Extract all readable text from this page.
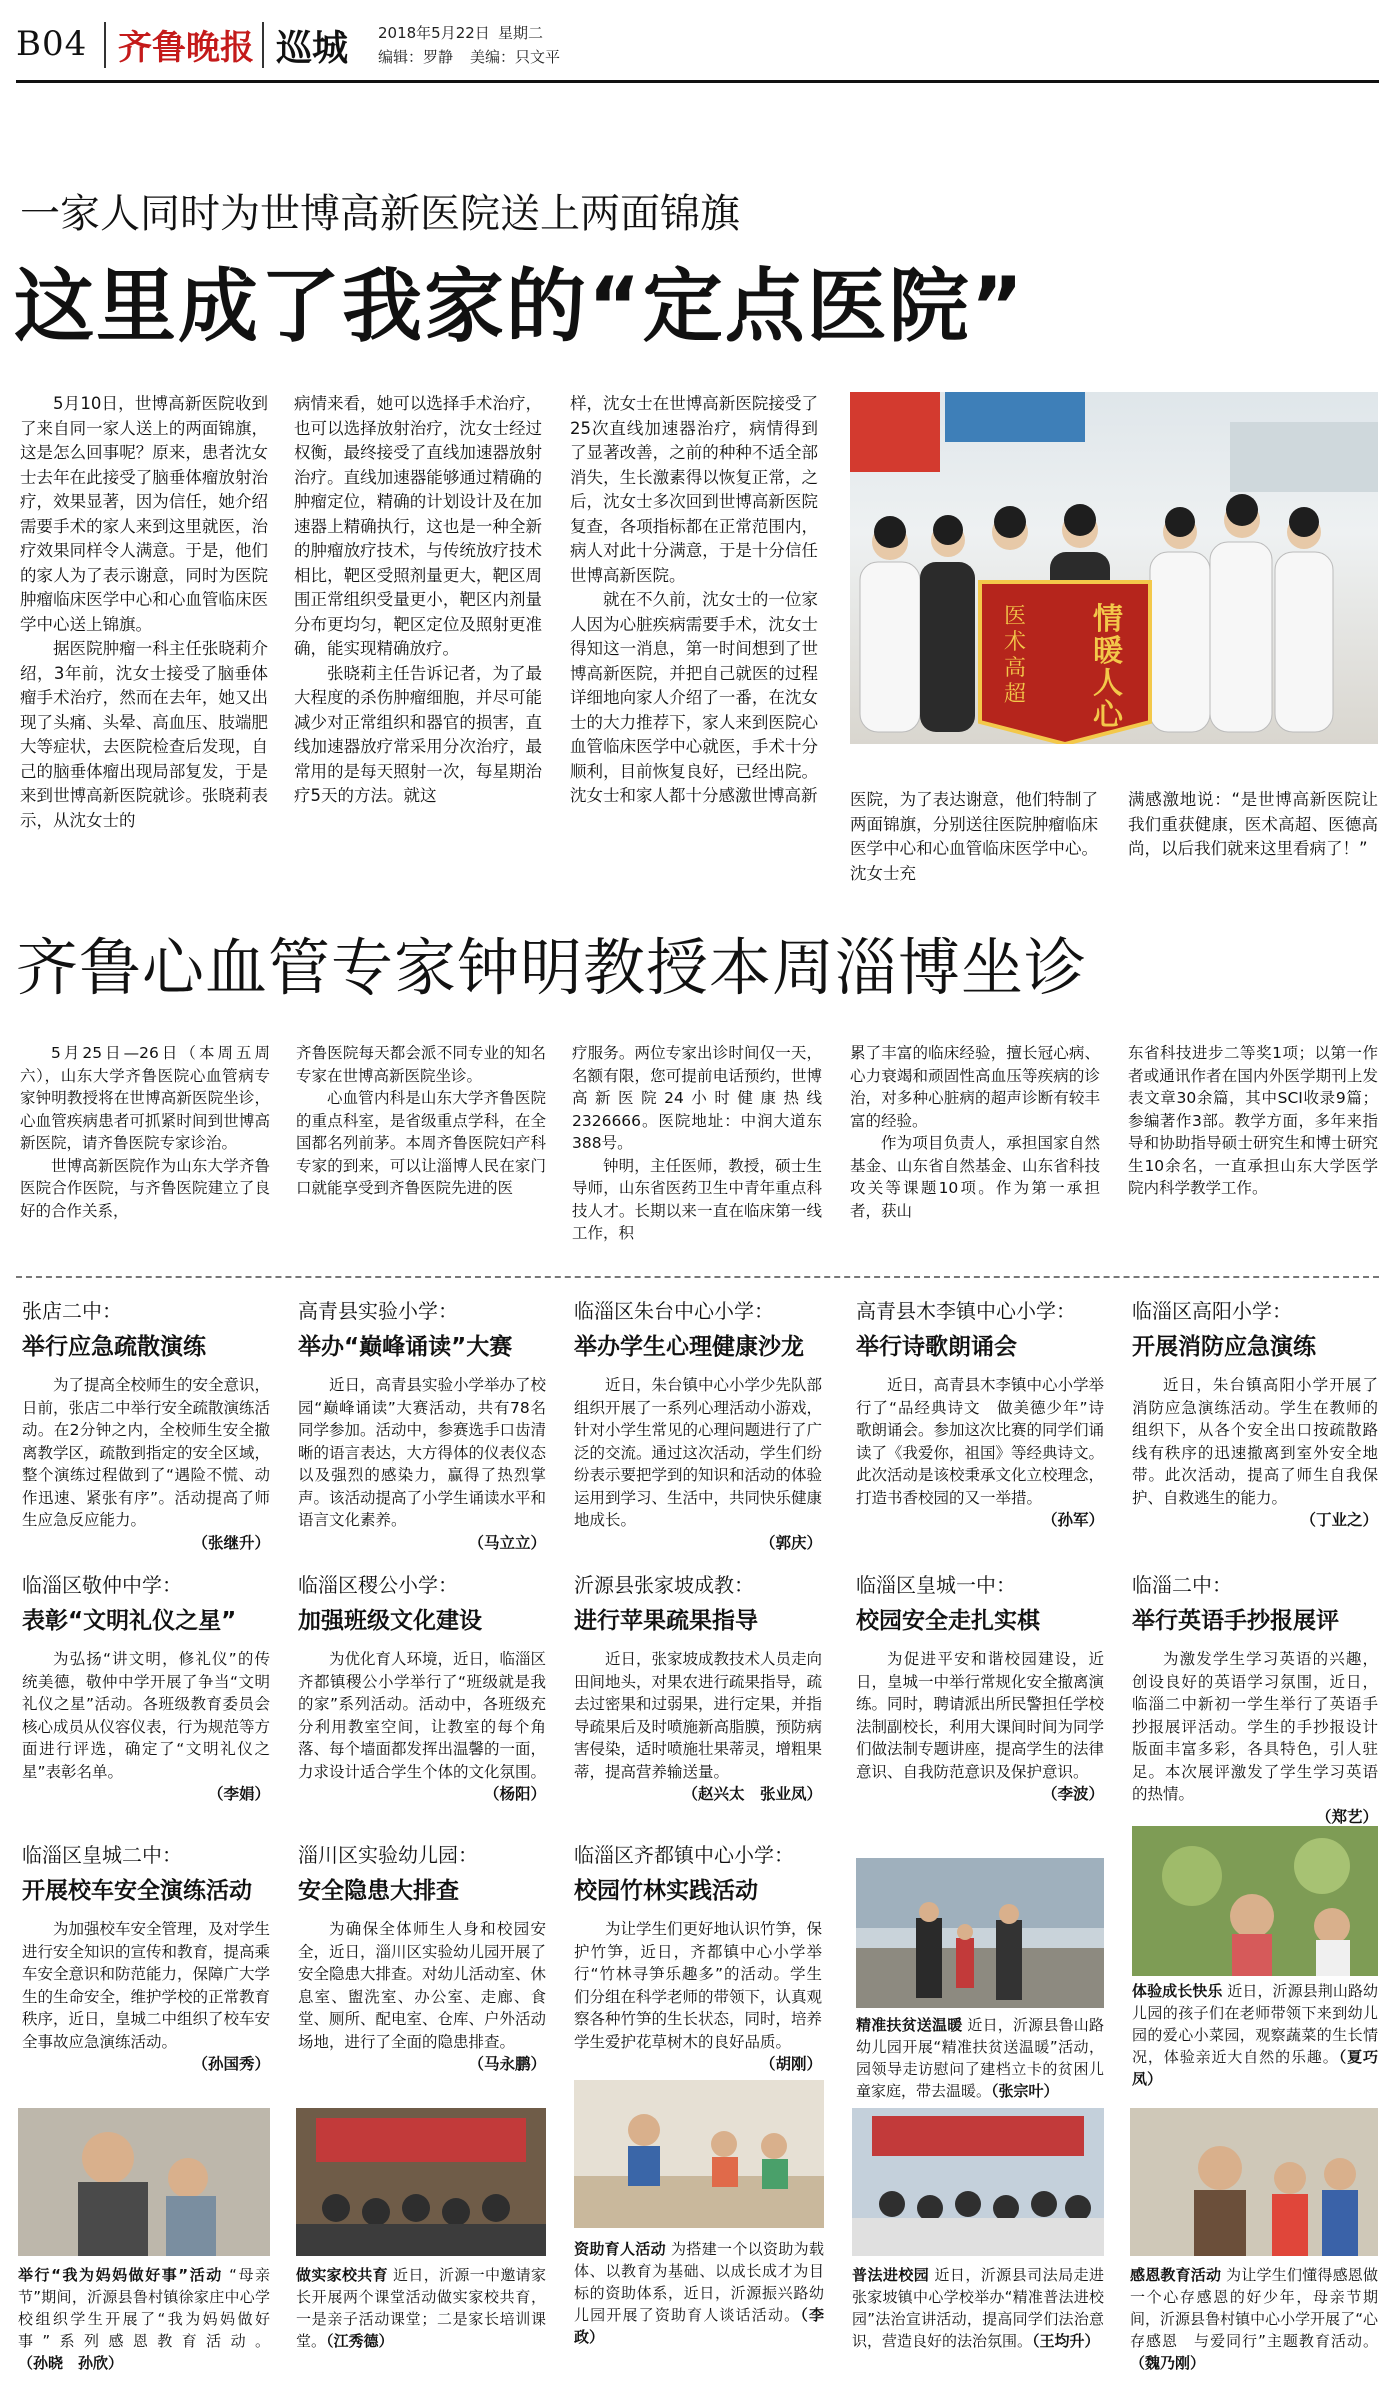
B04 齐鲁晚报 巡城 2018年5月22日 星期二
编辑：罗静 美编：只文平
一家人同时为世博高新医院送上两面锦旗
这里成了我家的“定点医院”

5月10日，世博高新医院收到了来自同一家人送上的两面锦旗，这是怎么回事呢？原来，患者沈女士去年在此接受了脑垂体瘤放射治疗，效果显著，因为信任，她介绍需要手术的家人来到这里就医，治疗效果同样令人满意。于是，他们的家人为了表示谢意，同时为医院肿瘤临床医学中心和心血管临床医学中心送上锦旗。

据医院肿瘤一科主任张晓莉介绍，3年前，沈女士接受了脑垂体瘤手术治疗，然而在去年，她又出现了头痛、头晕、高血压、肢端肥大等症状，去医院检查后发现，自己的脑垂体瘤出现局部复发，于是来到世博高新医院就诊。张晓莉表示，从沈女士的

病情来看，她可以选择手术治疗，也可以选择放射治疗，沈女士经过权衡，最终接受了直线加速器放射治疗。直线加速器能够通过精确的肿瘤定位，精确的计划设计及在加速器上精确执行，这也是一种全新的肿瘤放疗技术，与传统放疗技术相比，靶区受照剂量更大，靶区周围正常组织受量更小，靶区内剂量分布更均匀，靶区定位及照射更准确，能实现精确放疗。

张晓莉主任告诉记者，为了最大程度的杀伤肿瘤细胞，并尽可能减少对正常组织和器官的损害，直线加速器放疗常采用分次治疗，最常用的是每天照射一次，每星期治疗5天的方法。就这

样，沈女士在世博高新医院接受了25次直线加速器治疗，病情得到了显著改善，之前的种种不适全部消失，生长激素得以恢复正常，之后，沈女士多次回到世博高新医院复查，各项指标都在正常范围内，病人对此十分满意，于是十分信任世博高新医院。

就在不久前，沈女士的一位家人因为心脏疾病需要手术，沈女士得知这一消息，第一时间想到了世博高新医院，并把自己就医的过程详细地向家人介绍了一番，在沈女士的大力推荐下，家人来到医院心血管临床医学中心就医，手术十分顺利，目前恢复良好，已经出院。沈女士和家人都十分感激世博高新

情暖人心
医术高超

医院，为了表达谢意，他们特制了两面锦旗，分别送往医院肿瘤临床医学中心和心血管临床医学中心。沈女士充

满感激地说：“是世博高新医院让我们重获健康，医术高超、医德高尚，以后我们就来这里看病了！”

齐鲁心血管专家钟明教授本周淄博坐诊

5月25日—26日（本周五周六），山东大学齐鲁医院心血管病专家钟明教授将在世博高新医院坐诊，心血管疾病患者可抓紧时间到世博高新医院，请齐鲁医院专家诊治。

世博高新医院作为山东大学齐鲁医院合作医院，与齐鲁医院建立了良好的合作关系，

齐鲁医院每天都会派不同专业的知名专家在世博高新医院坐诊。

心血管内科是山东大学齐鲁医院的重点科室，是省级重点学科，在全国都名列前茅。本周齐鲁医院妇产科专家的到来，可以让淄博人民在家门口就能享受到齐鲁医院先进的医

疗服务。两位专家出诊时间仅一天，名额有限，您可提前电话预约，世博高新医院24小时健康热线2326666。医院地址：中润大道东388号。

钟明，主任医师，教授，硕士生导师，山东省医药卫生中青年重点科技人才。长期以来一直在临床第一线工作，积

累了丰富的临床经验，擅长冠心病、心力衰竭和顽固性高血压等疾病的诊治，对多种心脏病的超声诊断有较丰富的经验。

作为项目负责人，承担国家自然基金、山东省自然基金、山东省科技攻关等课题10项。作为第一承担者，获山

东省科技进步二等奖1项；以第一作者或通讯作者在国内外医学期刊上发表文章30余篇，其中SCI收录9篇；参编著作3部。教学方面，多年来指导和协助指导硕士研究生和博士研究生10余名，一直承担山东大学医学院内科学教学工作。

张店二中：
举行应急疏散演练
为了提高全校师生的安全意识，日前，张店二中举行安全疏散演练活动。在2分钟之内，全校师生安全撤离教学区，疏散到指定的安全区域，整个演练过程做到了“遇险不慌、动作迅速、紧张有序”。活动提高了师生应急反应能力。
（张继升）
高青县实验小学：
举办“巅峰诵读”大赛
近日，高青县实验小学举办了校园“巅峰诵读”大赛活动，共有78名同学参加。活动中，参赛选手口齿清晰的语言表达，大方得体的仪表仪态以及强烈的感染力，赢得了热烈掌声。该活动提高了小学生诵读水平和语言文化素养。
（马立立）
临淄区朱台中心小学：
举办学生心理健康沙龙
近日，朱台镇中心小学少先队部组织开展了一系列心理活动小游戏，针对小学生常见的心理问题进行了广泛的交流。通过这次活动，学生们纷纷表示要把学到的知识和活动的体验运用到学习、生活中，共同快乐健康地成长。
（郭庆）
高青县木李镇中心小学：
举行诗歌朗诵会
近日，高青县木李镇中心小学举行了“品经典诗文　做美德少年”诗歌朗诵会。参加这次比赛的同学们诵读了《我爱你，祖国》等经典诗文。此次活动是该校秉承文化立校理念，打造书香校园的又一举措。
（孙军）
临淄区高阳小学：
开展消防应急演练
近日，朱台镇高阳小学开展了消防应急演练活动。学生在教师的组织下，从各个安全出口按疏散路线有秩序的迅速撤离到室外安全地带。此次活动，提高了师生自我保护、自救逃生的能力。
（丁业之）
临淄区敬仲中学：
表彰“文明礼仪之星”
为弘扬“讲文明，修礼仪”的传统美德，敬仲中学开展了争当“文明礼仪之星”活动。各班级教育委员会核心成员从仪容仪表，行为规范等方面进行评选，确定了“文明礼仪之星”表彰名单。
（李娟）
临淄区稷公小学：
加强班级文化建设
为优化育人环境，近日，临淄区齐都镇稷公小学举行了“班级就是我的家”系列活动。活动中，各班级充分利用教室空间，让教室的每个角落、每个墙面都发挥出温馨的一面，力求设计适合学生个体的文化氛围。
（杨阳）
沂源县张家坡成教：
进行苹果疏果指导
近日，张家坡成教技术人员走向田间地头，对果农进行疏果指导，疏去过密果和过弱果，进行定果，并指导疏果后及时喷施新高脂膜，预防病害侵染，适时喷施壮果蒂灵，增粗果蒂，提高营养输送量。
（赵兴太　张业凤）
临淄区皇城一中：
校园安全走扎实棋
为促进平安和谐校园建设，近日，皇城一中举行常规化安全撤离演练。同时，聘请派出所民警担任学校法制副校长，利用大课间时间为同学们做法制专题讲座，提高学生的法律意识、自我防范意识及保护意识。
（李波）
临淄二中：
举行英语手抄报展评
为激发学生学习英语的兴趣，创设良好的英语学习氛围，近日，临淄二中新初一学生举行了英语手抄报展评活动。学生的手抄报设计版面丰富多彩，各具特色，引人驻足。本次展评激发了学生学习英语的热情。
（郑艺）
临淄区皇城二中：
开展校车安全演练活动
为加强校车安全管理，及对学生进行安全知识的宣传和教育，提高乘车安全意识和防范能力，保障广大学生的生命安全，维护学校的正常教育秩序，近日，皇城二中组织了校车安全事故应急演练活动。
（孙国秀）
淄川区实验幼儿园：
安全隐患大排查
为确保全体师生人身和校园安全，近日，淄川区实验幼儿园开展了安全隐患大排查。对幼儿活动室、休息室、盥洗室、办公室、走廊、食堂、厕所、配电室、仓库、户外活动场地，进行了全面的隐患排查。
（马永鹏）
临淄区齐都镇中心小学：
校园竹林实践活动
为让学生们更好地认识竹笋，保护竹笋，近日，齐都镇中心小学举行“竹林寻笋乐趣多”的活动。学生们分组在科学老师的带领下，认真观察各种竹笋的生长状态，同时，培养学生爱护花草树木的良好品质。
（胡刚）
精准扶贫送温暖 近日，沂源县鲁山路幼儿园开展“精准扶贫送温暖”活动，园领导走访慰问了建档立卡的贫困儿童家庭，带去温暖。（张宗叶）
体验成长快乐 近日，沂源县荆山路幼儿园的孩子们在老师带领下来到幼儿园的爱心小菜园，观察蔬菜的生长情况，体验亲近大自然的乐趣。（夏巧凤）
举行“我为妈妈做好事”活动 “母亲节”期间，沂源县鲁村镇徐家庄中心学校组织学生开展了“我为妈妈做好事”系列感恩教育活动。（孙晓　孙欣）
做实家校共育 近日，沂源一中邀请家长开展两个课堂活动做实家校共育，一是亲子活动课堂；二是家长培训课堂。（江秀德）
资助育人活动 为搭建一个以资助为载体、以教育为基础、以成长成才为目标的资助体系，近日，沂源振兴路幼儿园开展了资助育人谈话活动。（李政）
普法进校园 近日，沂源县司法局走进张家坡镇中心学校举办“精准普法进校园”法治宣讲活动，提高同学们法治意识，营造良好的法治氛围。（王均升）
感恩教育活动 为让学生们懂得感恩做一个心存感恩的好少年，母亲节期间，沂源县鲁村镇中心小学开展了“心存感恩　与爱同行”主题教育活动。（魏乃刚）
